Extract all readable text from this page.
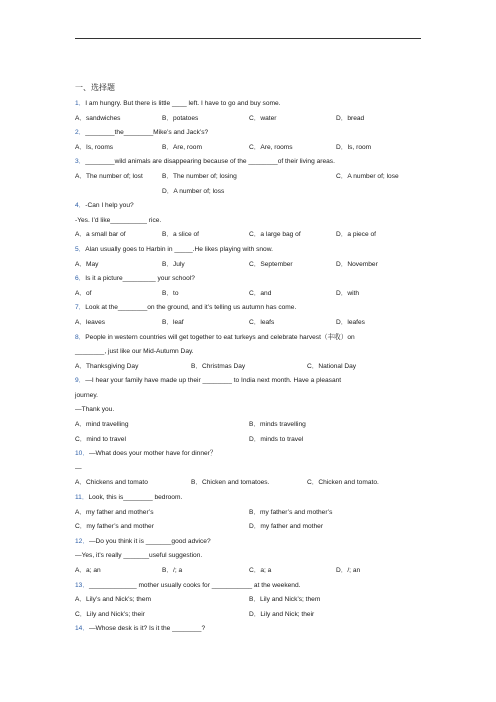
一、选择题
1．I am hungry. But there is little ____ left. I have to go and buy some.
A．sandwiches	B．potatoes	C．water	D．bread
2．________the________Mike’s and Jack’s?
A．Is, rooms	B．Are, room	C．Are, rooms	D．Is, room
3．________wild animals are disappearing because of the ________of their living areas.
A．The number of; lost	B．The number of; losing	C．A number of; lose
D．A number of; loss
4．-Can I help you?
-Yes. I’d like__________ rice.
A．a small bar of	B．a slice of	C．a large bag of	D．a piece of
5．Alan usually goes to Harbin in _____.He likes playing with snow.
A．May	B．July	C．September	D．November
6．Is it a picture_________ your school?
A．of	B．to	C．and	D．with
7．Look at the________on the ground, and it’s telling us autumn has come.
A．leaves	B．leaf	C．leafs	D．leafes
8．People in western countries will get together to eat turkeys and celebrate harvest（丰收）on
________, just like our Mid-Autumn Day.
A．Thanksgiving Day	B．Christmas Day	C．National Day
9．—I hear your family have made up their ________ to India next month. Have a pleasant
journey.
—Thank you.
A．mind travelling	B．minds travelling
C．mind to travel	D．minds to travel
10．—What does your mother have for dinner？
—
A．Chickens and tomato	B．Chicken and tomatoes.	C．Chicken and tomato.
11．Look, this is________ bedroom.
A．my father and mother’s	B．my father’s and mother’s
C．my father’s and mother	D．my father and mother
12．—Do you think it is _______good advice?
—Yes, it’s really _______useful suggestion.
A．a; an	B．/; a	C．a; a	D．/; an
13．_____________ mother usually cooks for ___________ at the weekend.
A．Lily’s and Nick’s; them	B．Lily and Nick’s; them
C．Lily and Nick’s; their	D．Lily and Nick; their
14．—Whose desk is it? Is it the ________?
